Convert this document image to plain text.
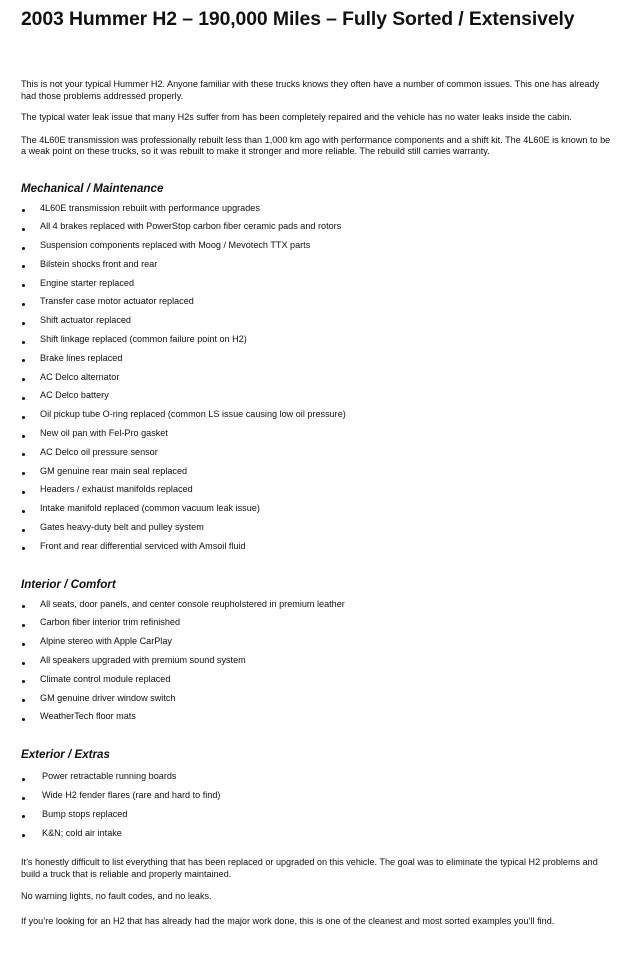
2003 Hummer H2 – 190,000 Miles – Fully Sorted / Extensively

This is not your typical Hummer H2. Anyone familiar with these trucks knows they often have a number of common issues. This one has already had those problems addressed properly.

The typical water leak issue that many H2s suffer from has been completely repaired and the vehicle has no water leaks inside the cabin.

The 4L60E transmission was professionally rebuilt less than 1,000 km ago with performance components and a shift kit. The 4L60E is known to be a weak point on these trucks, so it was rebuilt to make it stronger and more reliable. The rebuild still carries warranty.

Mechanical / Maintenance
4L60E transmission rebuilt with performance upgrades
All 4 brakes replaced with PowerStop carbon fiber ceramic pads and rotors
Suspension components replaced with Moog / Mevotech TTX parts
Bilstein shocks front and rear
Engine starter replaced
Transfer case motor actuator replaced
Shift actuator replaced
Shift linkage replaced (common failure point on H2)
Brake lines replaced
AC Delco alternator
AC Delco battery
Oil pickup tube O-ring replaced (common LS issue causing low oil pressure)
New oil pan with Fel-Pro gasket
AC Delco oil pressure sensor
GM genuine rear main seal replaced
Headers / exhaust manifolds replaced
Intake manifold replaced (common vacuum leak issue)
Gates heavy-duty belt and pulley system
Front and rear differential serviced with Amsoil fluid
Interior / Comfort
All seats, door panels, and center console reupholstered in premium leather
Carbon fiber interior trim refinished
Alpine stereo with Apple CarPlay
All speakers upgraded with premium sound system
Climate control module replaced
GM genuine driver window switch
WeatherTech floor mats
Exterior / Extras
Power retractable running boards
Wide H2 fender flares (rare and hard to find)
Bump stops replaced
K&N; cold air intake

It’s honestly difficult to list everything that has been replaced or upgraded on this vehicle. The goal was to eliminate the typical H2 problems and build a truck that is reliable and properly maintained.

No warning lights, no fault codes, and no leaks.

If you’re looking for an H2 that has already had the major work done, this is one of the cleanest and most sorted examples you’ll find.
